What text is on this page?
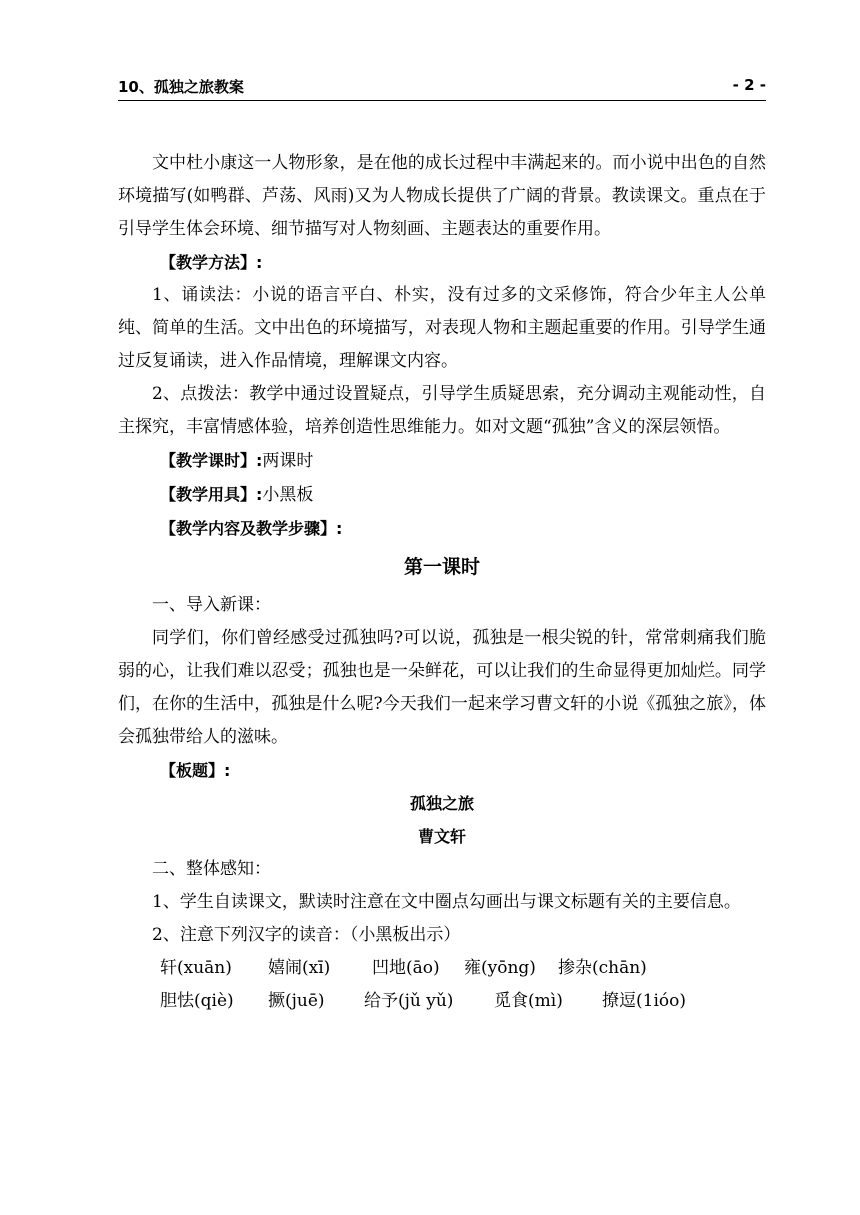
10、孤独之旅教案	- 2 -

文中杜小康这一人物形象，是在他的成长过程中丰满起来的。而小说中出色的自然环境描写(如鸭群、芦荡、风雨)又为人物成长提供了广阔的背景。教读课文。重点在于引导学生体会环境、细节描写对人物刻画、主题表达的重要作用。

【教学方法】:

1、诵读法：小说的语言平白、朴实，没有过多的文采修饰，符合少年主人公单纯、简单的生活。文中出色的环境描写，对表现人物和主题起重要的作用。引导学生通过反复诵读，进入作品情境，理解课文内容。

2、点拨法：教学中通过设置疑点，引导学生质疑思索，充分调动主观能动性，自主探究，丰富情感体验，培养创造性思维能力。如对文题“孤独”含义的深层领悟。

【教学课时】:两课时

【教学用具】:小黑板

【教学内容及教学步骤】:

第一课时

一、导入新课：

同学们，你们曾经感受过孤独吗?可以说，孤独是一根尖锐的针，常常刺痛我们脆弱的心，让我们难以忍受；孤独也是一朵鲜花，可以让我们的生命显得更加灿烂。同学们，在你的生活中，孤独是什么呢?今天我们一起来学习曹文轩的小说《孤独之旅》，体会孤独带给人的滋味。

【板题】:

孤独之旅

曹文轩

二、整体感知：

1、学生自读课文，默读时注意在文中圈点勾画出与课文标题有关的主要信息。

2、注意下列汉字的读音：（小黑板出示）

轩(xuān) 嬉闹(xī) 凹地(āo) 雍(yōng) 掺杂(chān)
胆怯(qiè) 撅(juē) 给予(jǔ yǔ) 觅食(mì) 撩逗(1ióo)
